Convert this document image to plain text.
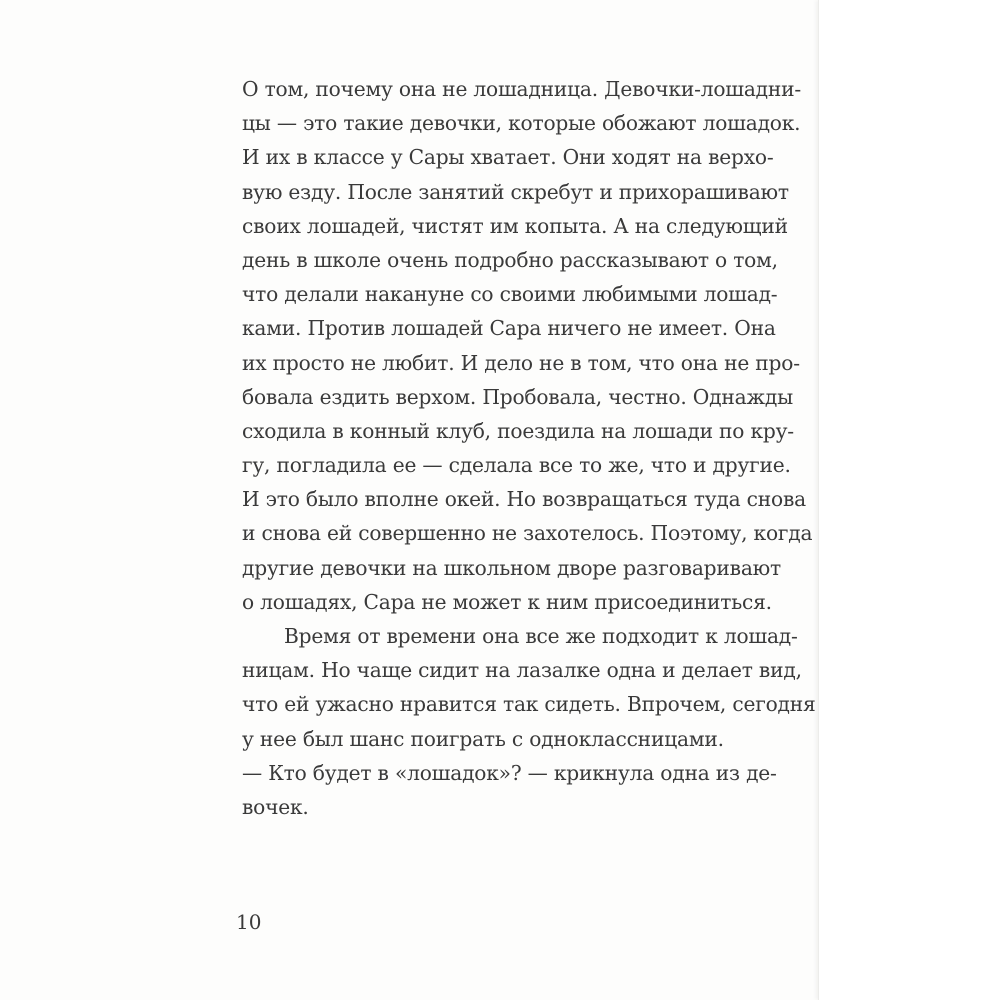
О том, почему она не лошадница. Девочки-лошадни-
цы — это такие девочки, которые обожают лошадок.
И их в классе у Сары хватает. Они ходят на верхо-
вую езду. После занятий скребут и прихорашивают
своих лошадей, чистят им копыта. А на следующий
день в школе очень подробно рассказывают о том,
что делали накануне со своими любимыми лошад-
ками. Против лошадей Сара ничего не имеет. Она
их просто не любит. И дело не в том, что она не про-
бовала ездить верхом. Пробовала, честно. Однажды
сходила в конный клуб, поездила на лошади по кру-
гу, погладила ее — сделала все то же, что и другие.
И это было вполне окей. Но возвращаться туда снова
и снова ей совершенно не захотелось. Поэтому, когда
другие девочки на школьном дворе разговаривают
о лошадях, Сара не может к ним присоединиться.
Время от времени она все же подходит к лошад-
ницам. Но чаще сидит на лазалке одна и делает вид,
что ей ужасно нравится так сидеть. Впрочем, сегодня
у нее был шанс поиграть с одноклассницами.
— Кто будет в «лошадок»? — крикнула одна из де-
вочек.
10
